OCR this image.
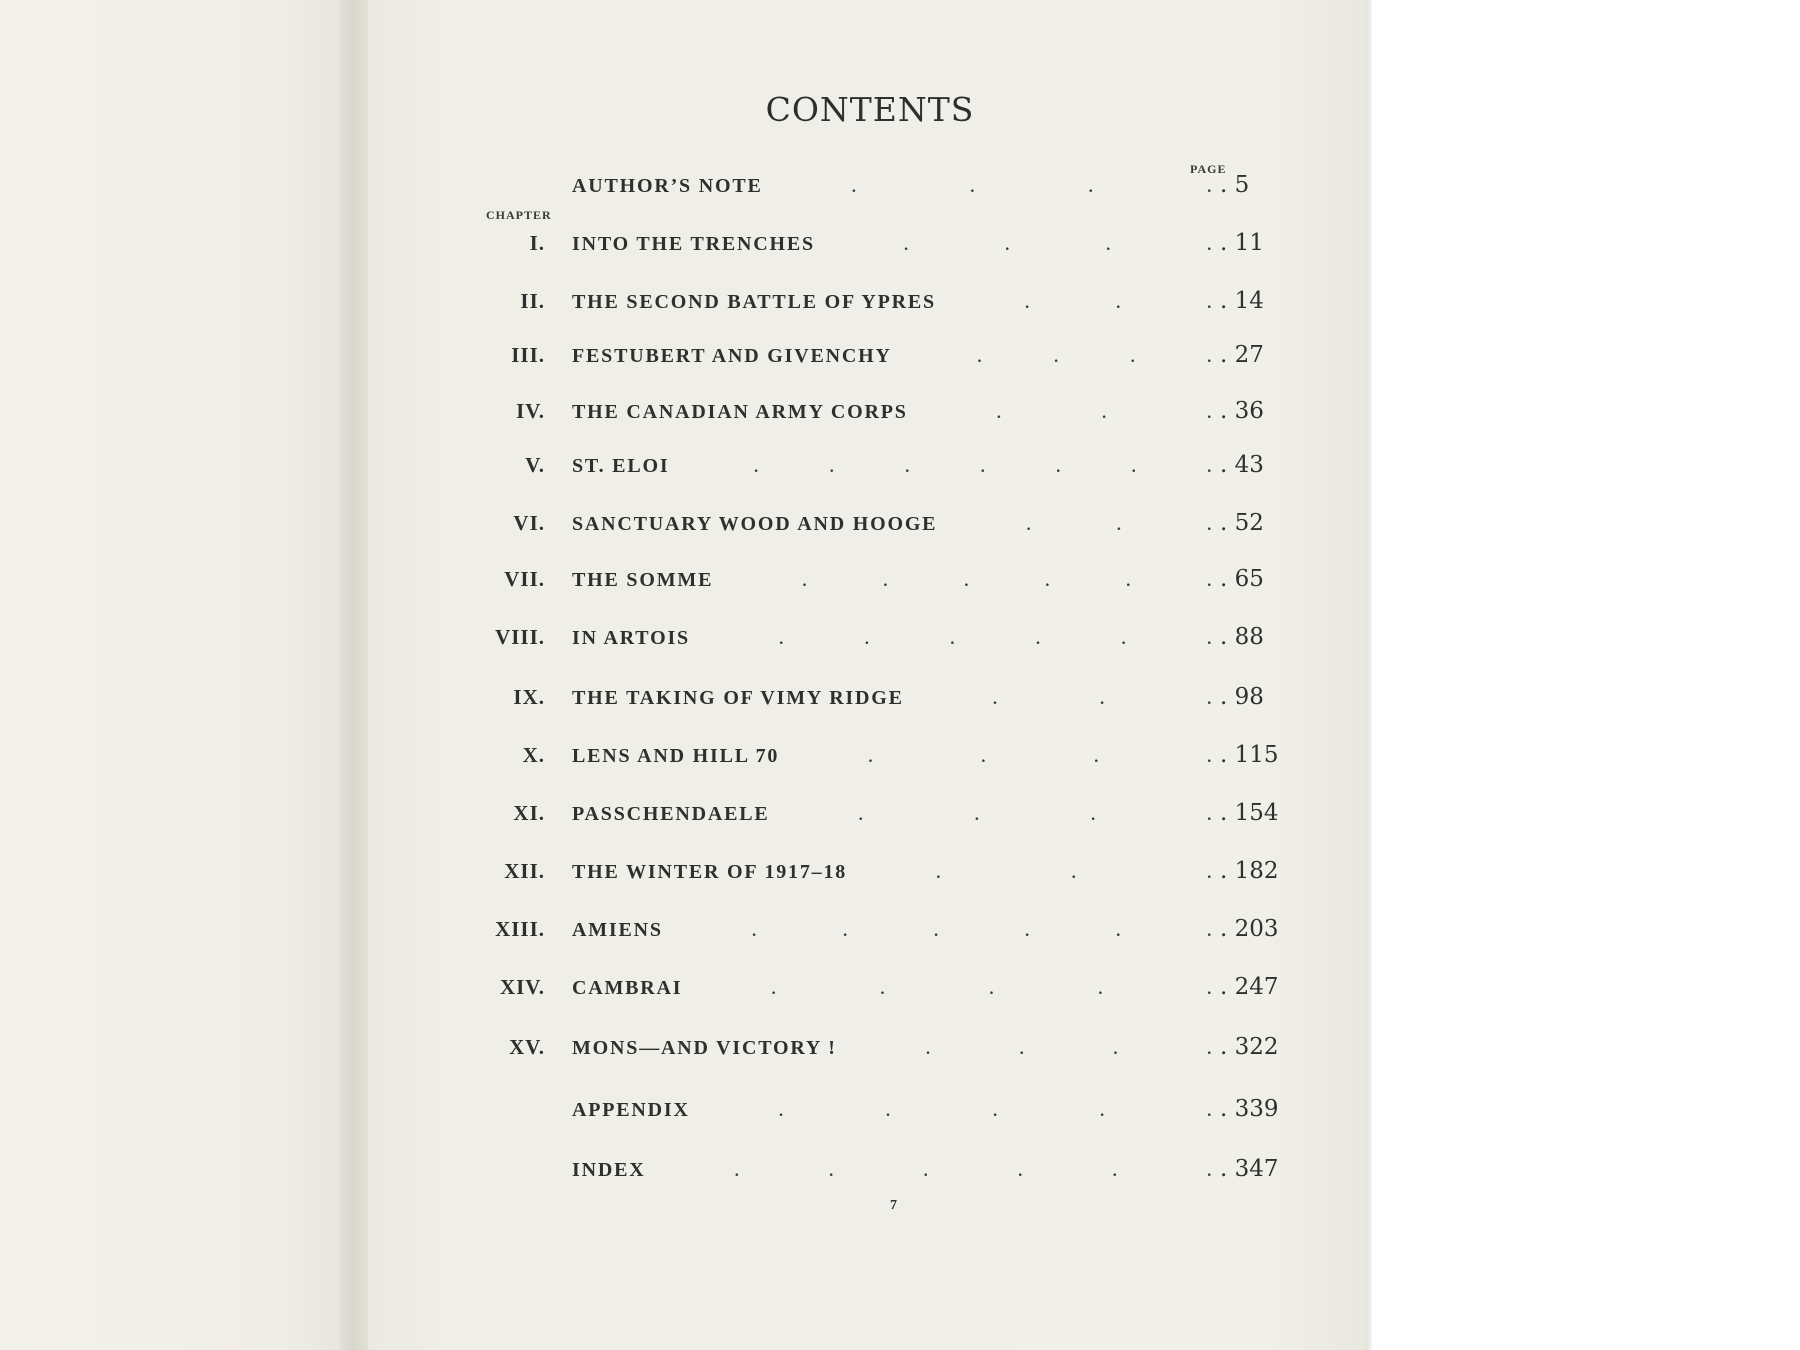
CONTENTS
PAGE
CHAPTER
AUTHOR’S NOTE	.	.	.	. . 5
I. INTO THE TRENCHES	.	.	.	. . 11
II. THE SECOND BATTLE OF YPRES	.	.	. . 14
III. FESTUBERT AND GIVENCHY	.	.	.	. . 27
IV. THE CANADIAN ARMY CORPS	.	.	. . 36
V. ST. ELOI	.	.	.	.	.	.	. . 43
VI. SANCTUARY WOOD AND HOOGE	.	.	. . 52
VII. THE SOMME	.	.	.	.	.	. . 65
VIII. IN ARTOIS	.	.	.	.	.	. . 88
IX. THE TAKING OF VIMY RIDGE	.	.	. . 98
X. LENS AND HILL 70	.	.	.	. . 115
XI. PASSCHENDAELE	.	.	.	. . 154
XII. THE WINTER OF 1917–18	.	.	. . 182
XIII. AMIENS	.	.	.	.	.	. . 203
XIV. CAMBRAI	.	.	.	.	. . 247
XV. MONS—AND VICTORY !	.	.	.	. . 322
APPENDIX	.	.	.	.	. . 339
INDEX	.	.	.	.	.	. . 347
7
